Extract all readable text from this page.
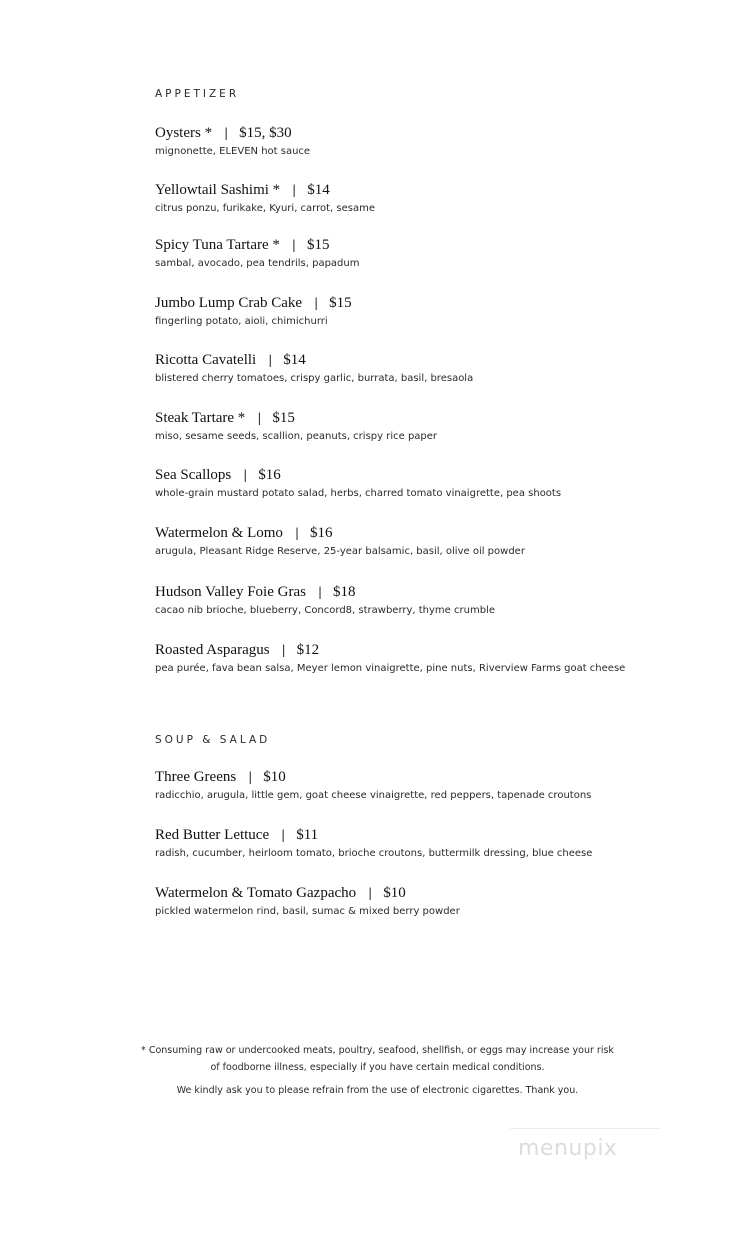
APPETIZER
Oysters * | $15, $30
mignonette, ELEVEN hot sauce
Yellowtail Sashimi * | $14
citrus ponzu, furikake, Kyuri, carrot, sesame
Spicy Tuna Tartare * | $15
sambal, avocado, pea tendrils, papadum
Jumbo Lump Crab Cake | $15
fingerling potato, aioli, chimichurri
Ricotta Cavatelli | $14
blistered cherry tomatoes, crispy garlic, burrata, basil, bresaola
Steak Tartare * | $15
miso, sesame seeds, scallion, peanuts, crispy rice paper
Sea Scallops | $16
whole-grain mustard potato salad, herbs, charred tomato vinaigrette, pea shoots
Watermelon & Lomo | $16
arugula, Pleasant Ridge Reserve, 25-year balsamic, basil, olive oil powder
Hudson Valley Foie Gras | $18
cacao nib brioche, blueberry, Concord8, strawberry, thyme crumble
Roasted Asparagus | $12
pea purée, fava bean salsa, Meyer lemon vinaigrette, pine nuts, Riverview Farms goat cheese
SOUP & SALAD
Three Greens | $10
radicchio, arugula, little gem, goat cheese vinaigrette, red peppers, tapenade croutons
Red Butter Lettuce | $11
radish, cucumber, heirloom tomato, brioche croutons, buttermilk dressing, blue cheese
Watermelon & Tomato Gazpacho | $10
pickled watermelon rind, basil, sumac & mixed berry powder
* Consuming raw or undercooked meats, poultry, seafood, shellfish, or eggs may increase your risk
of foodborne illness, especially if you have certain medical conditions.
We kindly ask you to please refrain from the use of electronic cigarettes. Thank you.
menupix
